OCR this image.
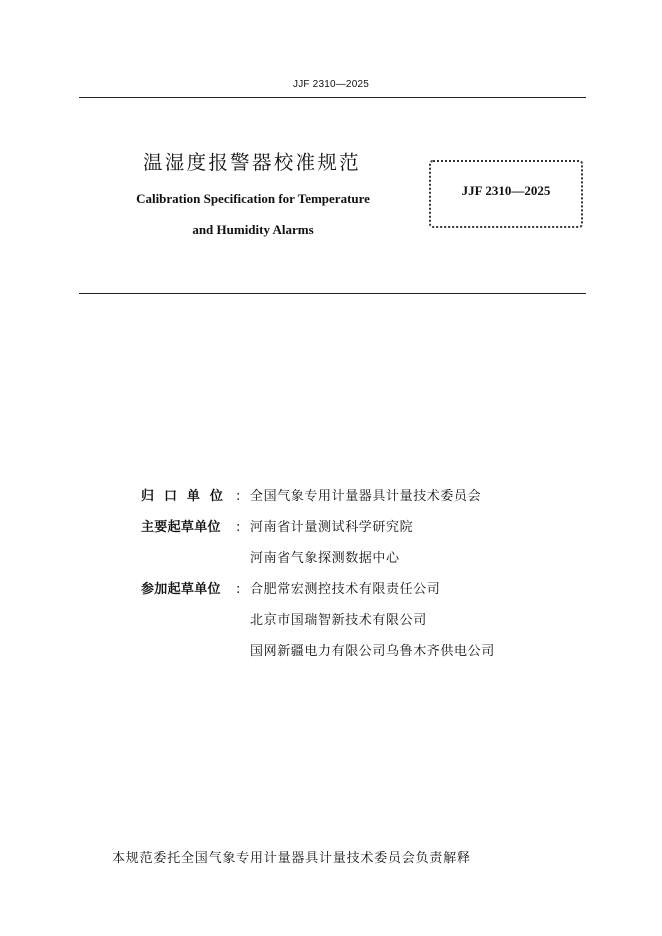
JJF 2310—2025
温湿度报警器校准规范
Calibration Specification for Temperature
and Humidity Alarms
JJF 2310—2025
归  口  单  位 : 全国气象专用计量器具计量技术委员会
主要起草单位	: 河南省计量测试科学研究院
河南省气象探测数据中心
参加起草单位	: 合肥常宏测控技术有限责任公司
北京市国瑞智新技术有限公司
国网新疆电力有限公司乌鲁木齐供电公司
本规范委托全国气象专用计量器具计量技术委员会负责解释
